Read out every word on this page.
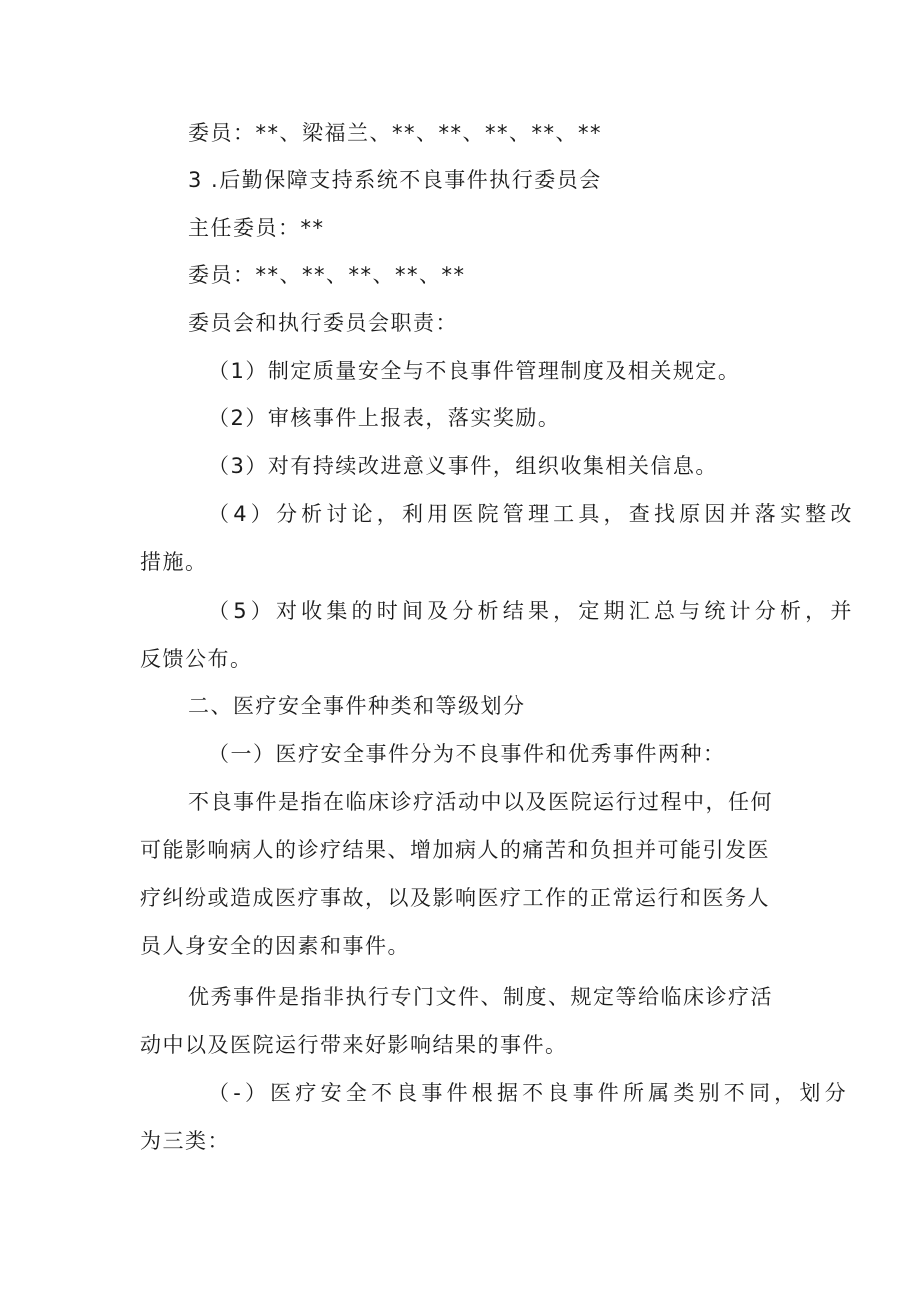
委员：**、梁福兰、**、**、**、**、**
3 .后勤保障支持系统不良事件执行委员会
主任委员：**
委员：**、**、**、**、**
委员会和执行委员会职责：
（1）制定质量安全与不良事件管理制度及相关规定。
（2）审核事件上报表，落实奖励。
（3）对有持续改进意义事件，组织收集相关信息。
（4）分析讨论，利用医院管理工具，查找原因并落实整改
措施。
（5）对收集的时间及分析结果，定期汇总与统计分析，并
反馈公布。
二、医疗安全事件种类和等级划分
（一）医疗安全事件分为不良事件和优秀事件两种：
不良事件是指在临床诊疗活动中以及医院运行过程中，任何
可能影响病人的诊疗结果、增加病人的痛苦和负担并可能引发医
疗纠纷或造成医疗事故，以及影响医疗工作的正常运行和医务人
员人身安全的因素和事件。
优秀事件是指非执行专门文件、制度、规定等给临床诊疗活
动中以及医院运行带来好影响结果的事件。
（-）医疗安全不良事件根据不良事件所属类别不同，划分
为三类：
